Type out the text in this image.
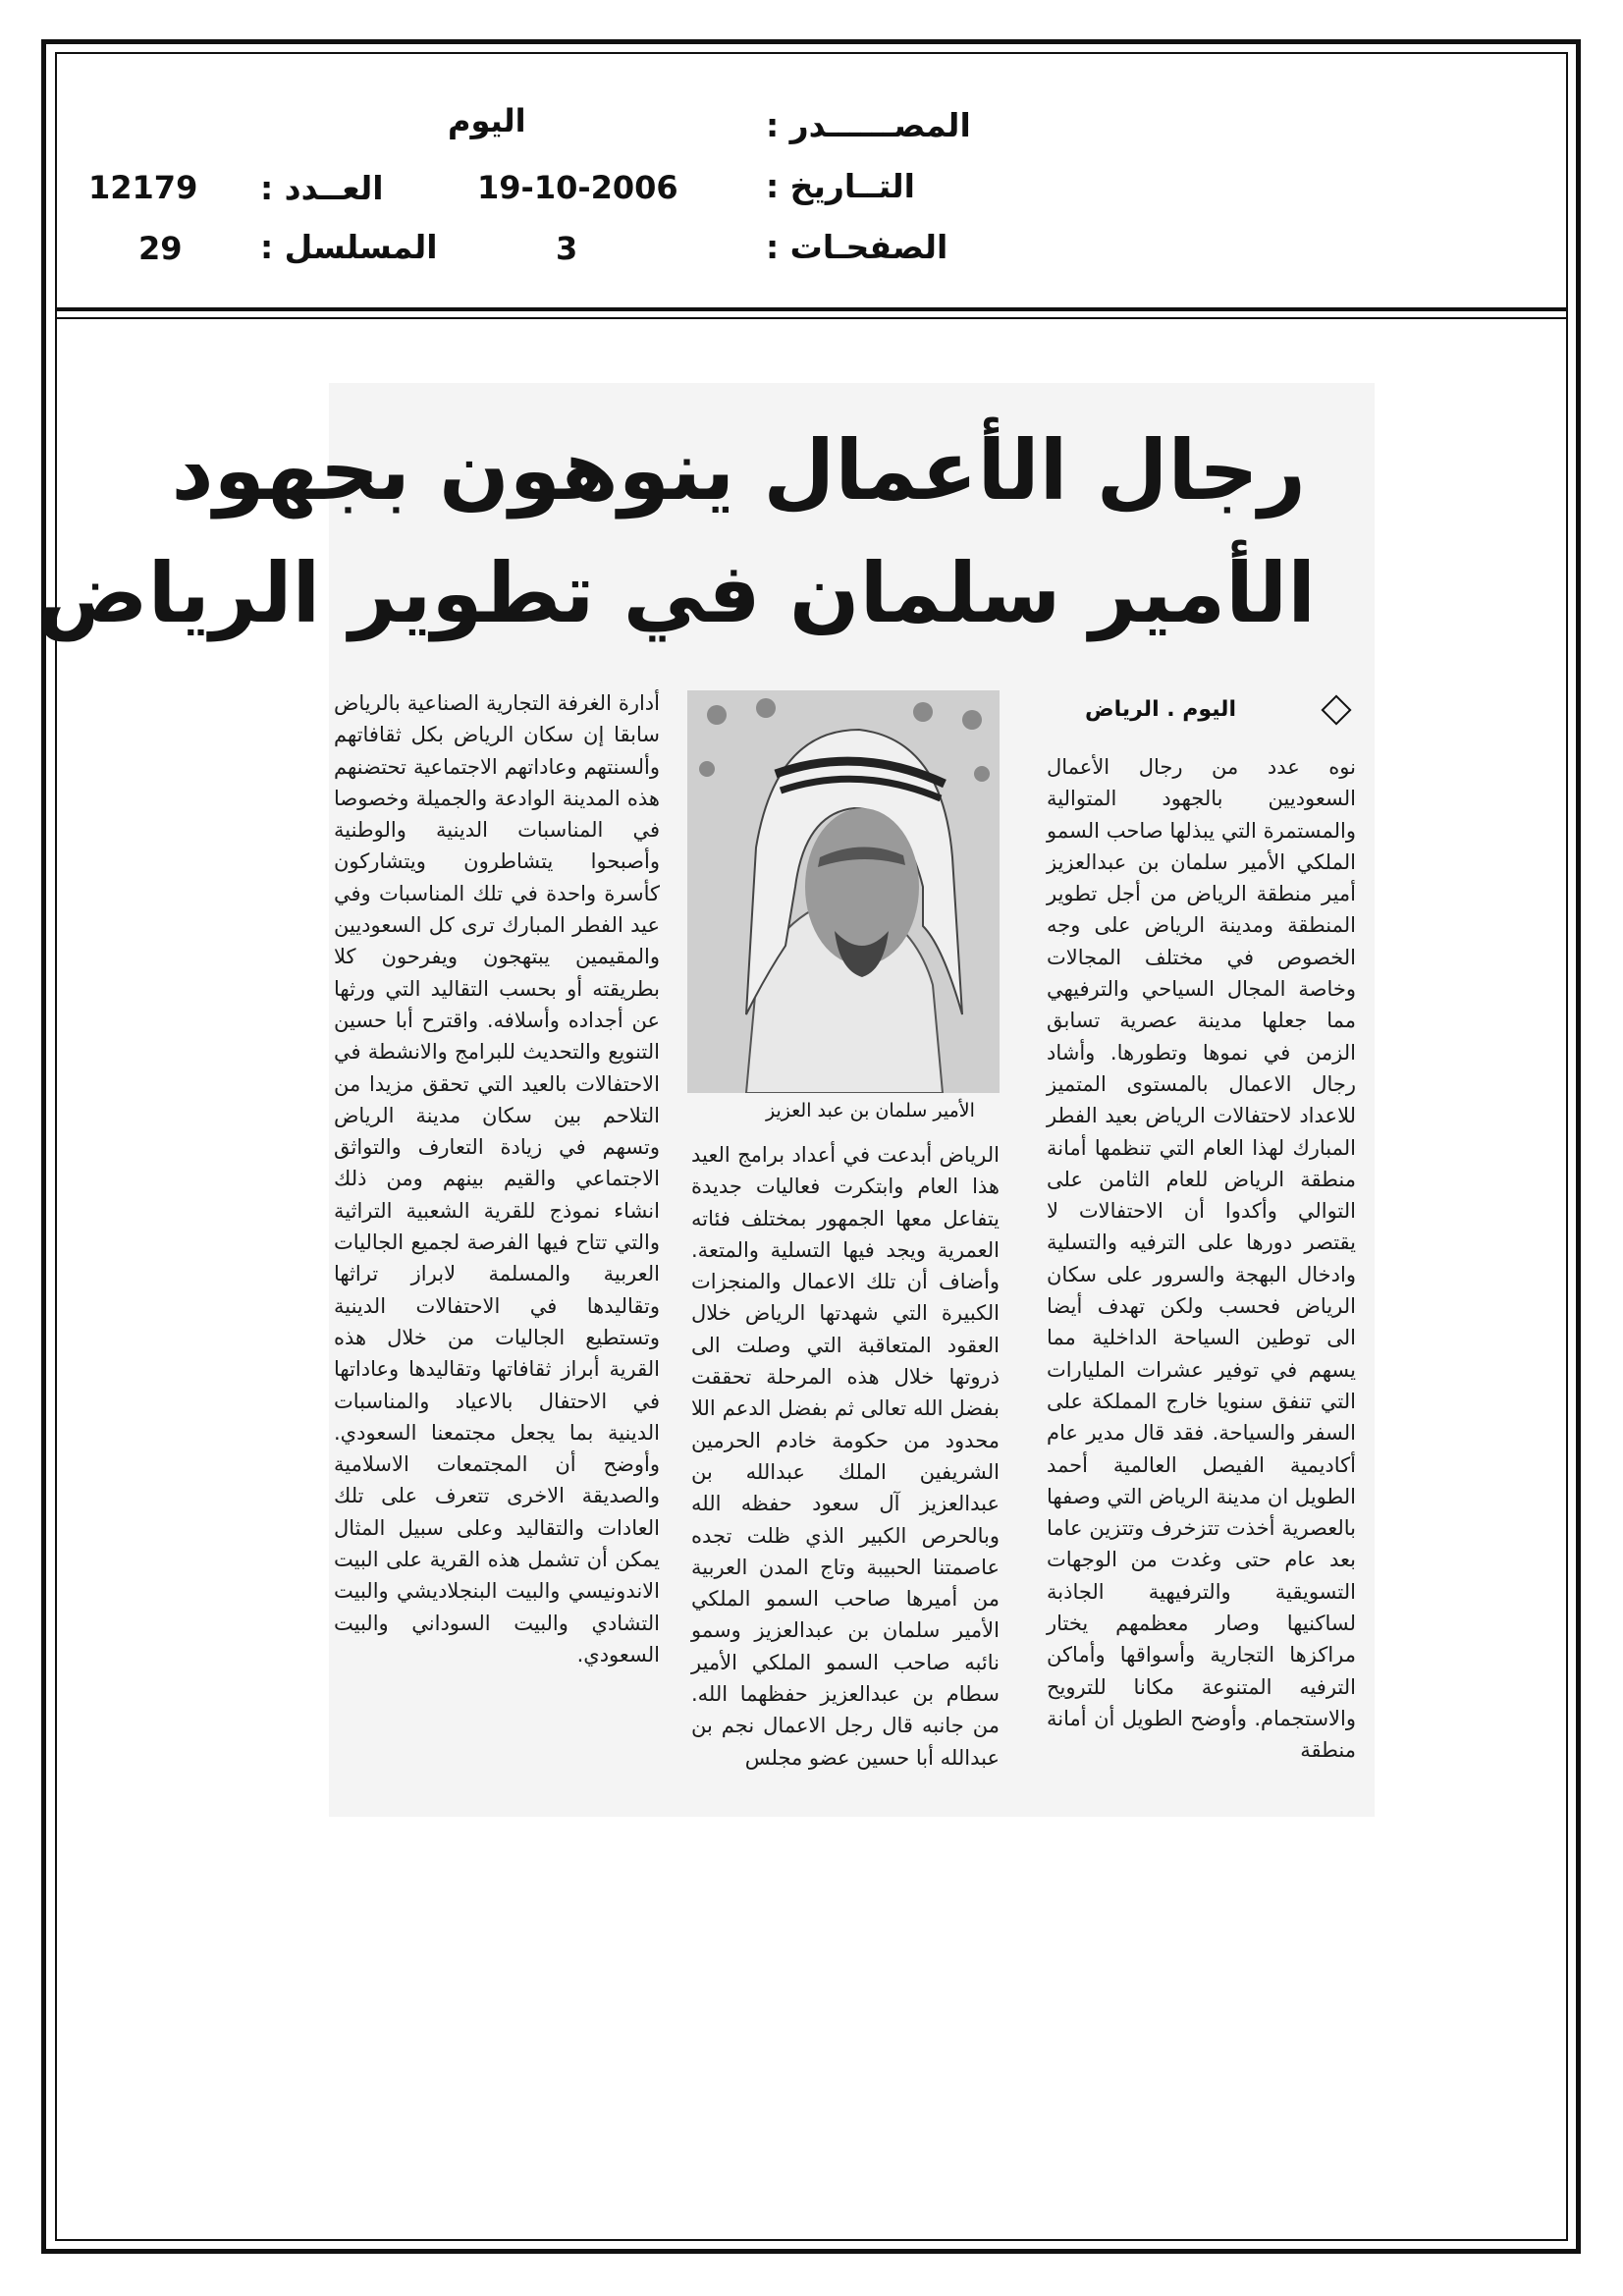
المصــــــدر :
اليوم
التــاريخ :
19-10-2006
العــدد :
12179
الصفحـات :
3
المسلسل :
29
رجال الأعمال ينوهون بجهود
الأمير سلمان في تطوير الرياض
اليوم . الرياض
الأمير سلمان بن عبد العزيز

نوه عدد من رجال الأعمال السعوديين بالجهود المتوالية والمستمرة التي يبذلها صاحب السمو الملكي الأمير سلمان بن عبدالعزيز أمير منطقة الرياض من أجل تطوير المنطقة ومدينة الرياض على وجه الخصوص في مختلف المجالات وخاصة المجال السياحي والترفيهي مما جعلها مدينة عصرية تسابق الزمن في نموها وتطورها. وأشاد رجال الاعمال بالمستوى المتميز للاعداد لاحتفالات الرياض بعيد الفطر المبارك لهذا العام التي تنظمها أمانة منطقة الرياض للعام الثامن على التوالي وأكدوا أن الاحتفالات لا يقتصر دورها على الترفيه والتسلية وادخال البهجة والسرور على سكان الرياض فحسب ولكن تهدف أيضا الى توطين السياحة الداخلية مما يسهم في توفير عشرات المليارات التي تنفق سنويا خارج المملكة على السفر والسياحة. فقد قال مدير عام أكاديمية الفيصل العالمية أحمد الطويل ان مدينة الرياض التي وصفها بالعصرية أخذت تتزخرف وتتزين عاما بعد عام حتى وغدت من الوجهات التسويقية والترفيهية الجاذبة لساكنيها وصار معظمهم يختار مراكزها التجارية وأسواقها وأماكن الترفيه المتنوعة مكانا للترويح والاستجمام. وأوضح الطويل أن أمانة منطقة

الرياض أبدعت في أعداد برامج العيد هذا العام وابتكرت فعاليات جديدة يتفاعل معها الجمهور بمختلف فئاته العمرية ويجد فيها التسلية والمتعة. وأضاف أن تلك الاعمال والمنجزات الكبيرة التي شهدتها الرياض خلال العقود المتعاقبة التي وصلت الى ذروتها خلال هذه المرحلة تحققت بفضل الله تعالى ثم بفضل الدعم اللا محدود من حكومة خادم الحرمين الشريفين الملك عبدالله بن عبدالعزيز آل سعود حفظه الله وبالحرص الكبير الذي ظلت تجده عاصمتنا الحبيبة وتاج المدن العربية من أميرها صاحب السمو الملكي الأمير سلمان بن عبدالعزيز وسمو نائبه صاحب السمو الملكي الأمير سطام بن عبدالعزيز حفظهما الله. من جانبه قال رجل الاعمال نجم بن عبدالله أبا حسين عضو مجلس

أدارة الغرفة التجارية الصناعية بالرياض سابقا إن سكان الرياض بكل ثقافاتهم وألسنتهم وعاداتهم الاجتماعية تحتضنهم هذه المدينة الوادعة والجميلة وخصوصا في المناسبات الدينية والوطنية وأصبحوا يتشاطرون ويتشاركون كأسرة واحدة في تلك المناسبات وفي عيد الفطر المبارك ترى كل السعوديين والمقيمين يبتهجون ويفرحون كلا بطريقته أو بحسب التقاليد التي ورثها عن أجداده وأسلافه. واقترح أبا حسين التنويع والتحديث للبرامج والانشطة في الاحتفالات بالعيد التي تحقق مزيدا من التلاحم بين سكان مدينة الرياض وتسهم في زيادة التعارف والتواثق الاجتماعي والقيم بينهم ومن ذلك انشاء نموذج للقرية الشعبية التراثية والتي تتاح فيها الفرصة لجميع الجاليات العربية والمسلمة لابراز تراثها وتقاليدها في الاحتفالات الدينية وتستطيع الجاليات من خلال هذه القرية أبراز ثقافاتها وتقاليدها وعاداتها في الاحتفال بالاعياد والمناسبات الدينية بما يجعل مجتمعنا السعودي. وأوضح أن المجتمعات الاسلامية والصديقة الاخرى تتعرف على تلك العادات والتقاليد وعلى سبيل المثال يمكن أن تشمل هذه القرية على البيت الاندونيسي والبيت البنجلاديشي والبيت التشادي والبيت السوداني والبيت السعودي.
